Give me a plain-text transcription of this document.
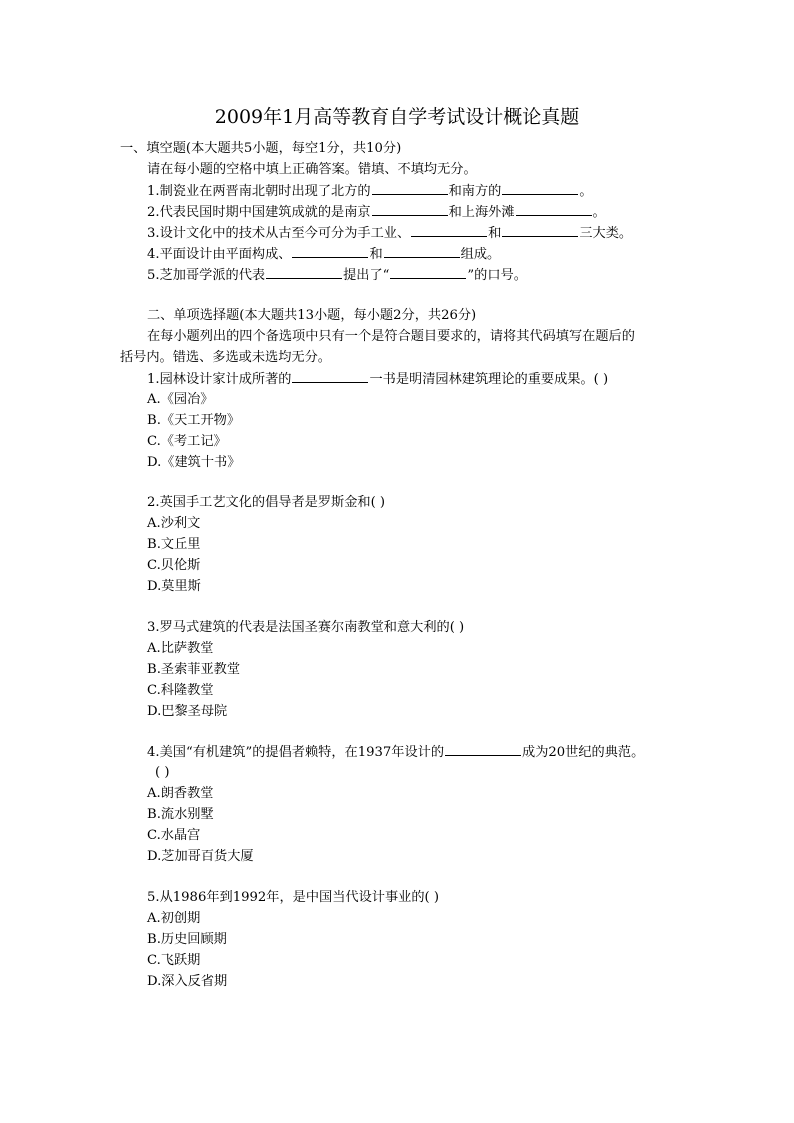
2009年1月高等教育自学考试设计概论真题
一、填空题(本大题共5小题，每空1分，共10分)
请在每小题的空格中填上正确答案。错填、不填均无分。
1.制瓷业在两晋南北朝时出现了北方的	和南方的	。
2.代表民国时期中国建筑成就的是南京	和上海外滩	。
3.设计文化中的技术从古至今可分为手工业、	和	三大类。
4.平面设计由平面构成、	和	组成。
5.芝加哥学派的代表	提出了“	”的口号。
二、单项选择题(本大题共13小题，每小题2分，共26分)
在每小题列出的四个备选项中只有一个是符合题目要求的，请将其代码填写在题后的
括号内。错选、多选或未选均无分。
1.园林设计家计成所著的	一书是明清园林建筑理论的重要成果。( )
A.《园冶》
B.《天工开物》
C.《考工记》
D.《建筑十书》
2.英国手工艺文化的倡导者是罗斯金和( )
A.沙利文
B.文丘里
C.贝伦斯
D.莫里斯
3.罗马式建筑的代表是法国圣赛尔南教堂和意大利的( )
A.比萨教堂
B.圣索菲亚教堂
C.科隆教堂
D.巴黎圣母院
4.美国“有机建筑”的提倡者赖特，在1937年设计的	成为20世纪的典范。
( )
A.朗香教堂
B.流水别墅
C.水晶宫
D.芝加哥百货大厦
5.从1986年到1992年，是中国当代设计事业的( )
A.初创期
B.历史回顾期
C.飞跃期
D.深入反省期
